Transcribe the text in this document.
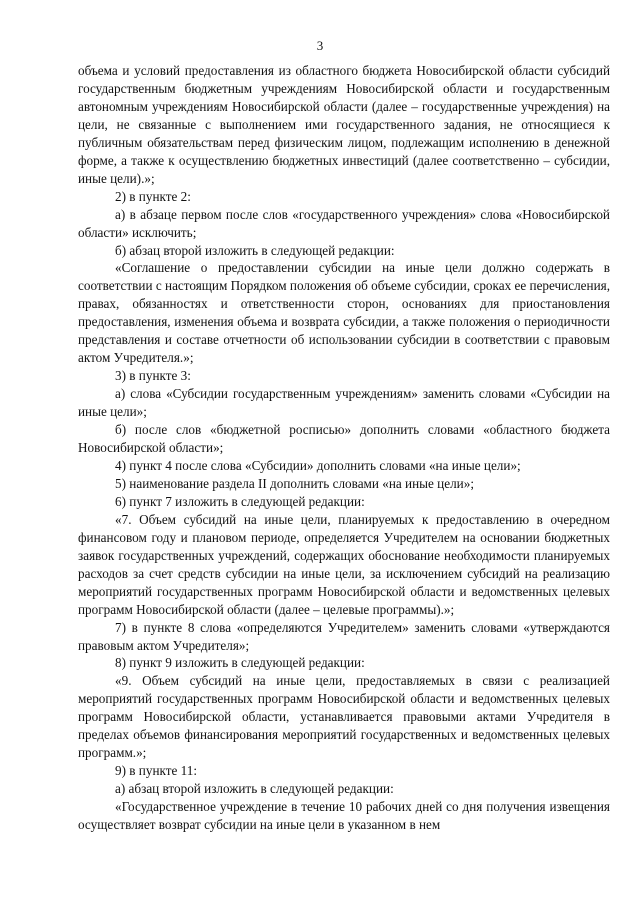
3

объема и условий предоставления из областного бюджета Новосибирской области субсидий государственным бюджетным учреждениям Новосибирской области и государственным автономным учреждениям Новосибирской области (далее – государственные учреждения) на цели, не связанные с выполнением ими государственного задания, не относящиеся к публичным обязательствам перед физическим лицом, подлежащим исполнению в денежной форме, а также к осуществлению бюджетных инвестиций (далее соответственно – субсидии, иные цели).»;

2) в пункте 2:

а) в абзаце первом после слов «государственного учреждения» слова «Новосибирской области» исключить;

б) абзац второй изложить в следующей редакции:

«Соглашение о предоставлении субсидии на иные цели должно содержать в соответствии с настоящим Порядком положения об объеме субсидии, сроках ее перечисления, правах, обязанностях и ответственности сторон, основаниях для приостановления предоставления, изменения объема и возврата субсидии, а также положения о периодичности представления и составе отчетности об использовании субсидии в соответствии с правовым актом Учредителя.»;

3) в пункте 3:

а) слова «Субсидии государственным учреждениям» заменить словами «Субсидии на иные цели»;

б) после слов «бюджетной росписью» дополнить словами «областного бюджета Новосибирской области»;

4) пункт 4 после слова «Субсидии» дополнить словами «на иные цели»;

5) наименование раздела II дополнить словами «на иные цели»;

6) пункт 7 изложить в следующей редакции:

«7. Объем субсидий на иные цели, планируемых к предоставлению в очередном финансовом году и плановом периоде, определяется Учредителем на основании бюджетных заявок государственных учреждений, содержащих обоснование необходимости планируемых расходов за счет средств субсидии на иные цели, за исключением субсидий на реализацию мероприятий государственных программ Новосибирской области и ведомственных целевых программ Новосибирской области (далее – целевые программы).»;

7) в пункте 8 слова «определяются Учредителем» заменить словами «утверждаются правовым актом Учредителя»;

8) пункт 9 изложить в следующей редакции:

«9. Объем субсидий на иные цели, предоставляемых в связи с реализацией мероприятий государственных программ Новосибирской области и ведомственных целевых программ Новосибирской области, устанавливается правовыми актами Учредителя в пределах объемов финансирования мероприятий государственных и ведомственных целевых программ.»;

9) в пункте 11:

а) абзац второй изложить в следующей редакции:

«Государственное учреждение в течение 10 рабочих дней со дня получения извещения осуществляет возврат субсидии на иные цели в указанном в нем
